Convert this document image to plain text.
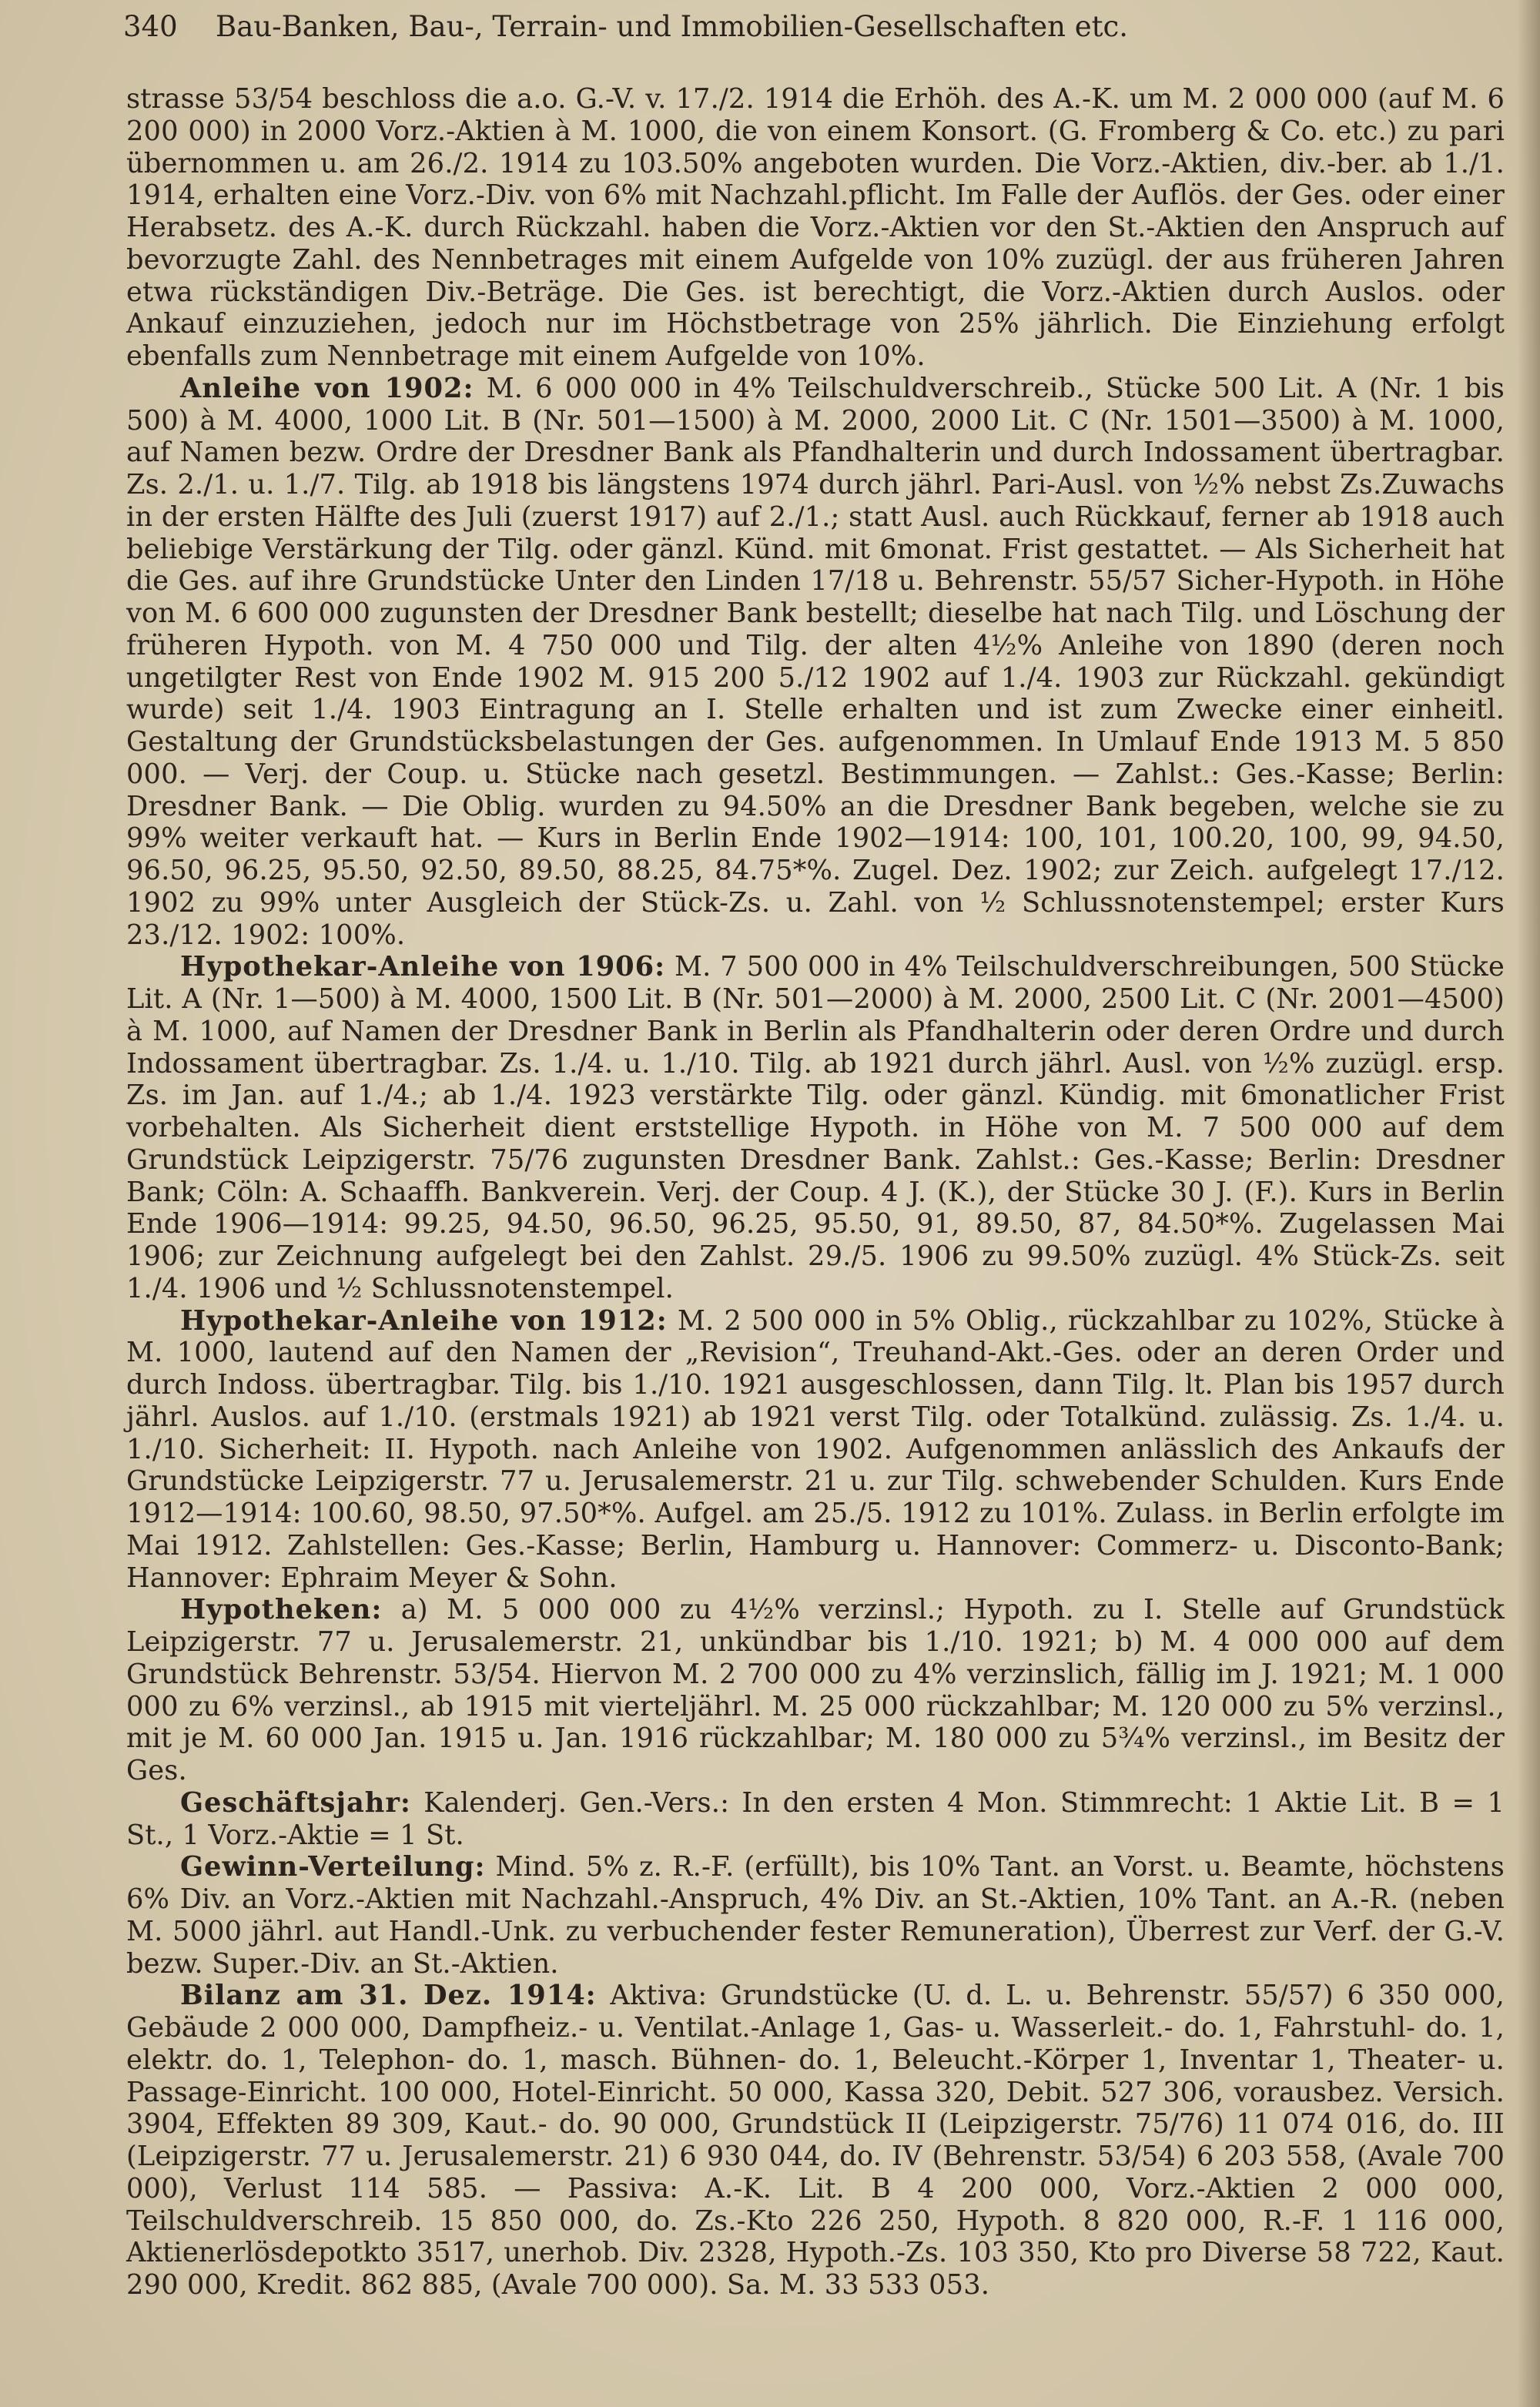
340 Bau-Banken, Bau-, Terrain- und Immobilien-Gesellschaften etc.

strasse 53/54 beschloss die a.o. G.-V. v. 17./2. 1914 die Erhöh. des A.-K. um M. 2 000 000 (auf M. 6 200 000) in 2000 Vorz.-Aktien à M. 1000, die von einem Konsort. (G. Fromberg & Co. etc.) zu pari übernommen u. am 26./2. 1914 zu 103.50% angeboten wurden. Die Vorz.-Aktien, div.-ber. ab 1./1. 1914, erhalten eine Vorz.-Div. von 6% mit Nachzahl.pflicht. Im Falle der Auflös. der Ges. oder einer Herabsetz. des A.-K. durch Rückzahl. haben die Vorz.-Aktien vor den St.-Aktien den Anspruch auf bevorzugte Zahl. des Nennbetrages mit einem Aufgelde von 10% zuzügl. der aus früheren Jahren etwa rückständigen Div.-Beträge. Die Ges. ist berechtigt, die Vorz.-Aktien durch Auslos. oder Ankauf einzuziehen, jedoch nur im Höchstbetrage von 25% jährlich. Die Einziehung erfolgt ebenfalls zum Nennbetrage mit einem Aufgelde von 10%.

Anleihe von 1902: M. 6 000 000 in 4% Teilschuldverschreib., Stücke 500 Lit. A (Nr. 1 bis 500) à M. 4000, 1000 Lit. B (Nr. 501—1500) à M. 2000, 2000 Lit. C (Nr. 1501—3500) à M. 1000, auf Namen bezw. Ordre der Dresdner Bank als Pfandhalterin und durch Indossament übertragbar. Zs. 2./1. u. 1./7. Tilg. ab 1918 bis längstens 1974 durch jährl. Pari-Ausl. von ½% nebst Zs.Zuwachs in der ersten Hälfte des Juli (zuerst 1917) auf 2./1.; statt Ausl. auch Rückkauf, ferner ab 1918 auch beliebige Verstärkung der Tilg. oder gänzl. Künd. mit 6monat. Frist gestattet. — Als Sicherheit hat die Ges. auf ihre Grundstücke Unter den Linden 17/18 u. Behrenstr. 55/57 Sicher-Hypoth. in Höhe von M. 6 600 000 zugunsten der Dresdner Bank bestellt; dieselbe hat nach Tilg. und Löschung der früheren Hypoth. von M. 4 750 000 und Tilg. der alten 4½% Anleihe von 1890 (deren noch ungetilgter Rest von Ende 1902 M. 915 200 5./12 1902 auf 1./4. 1903 zur Rückzahl. gekündigt wurde) seit 1./4. 1903 Eintragung an I. Stelle erhalten und ist zum Zwecke einer einheitl. Gestaltung der Grundstücksbelastungen der Ges. aufgenommen. In Umlauf Ende 1913 M. 5 850 000. — Verj. der Coup. u. Stücke nach gesetzl. Bestimmungen. — Zahlst.: Ges.-Kasse; Berlin: Dresdner Bank. — Die Oblig. wurden zu 94.50% an die Dresdner Bank begeben, welche sie zu 99% weiter verkauft hat. — Kurs in Berlin Ende 1902—1914: 100, 101, 100.20, 100, 99, 94.50, 96.50, 96.25, 95.50, 92.50, 89.50, 88.25, 84.75*%. Zugel. Dez. 1902; zur Zeich. aufgelegt 17./12. 1902 zu 99% unter Ausgleich der Stück-Zs. u. Zahl. von ½ Schlussnotenstempel; erster Kurs 23./12. 1902: 100%.

Hypothekar-Anleihe von 1906: M. 7 500 000 in 4% Teilschuldverschreibungen, 500 Stücke Lit. A (Nr. 1—500) à M. 4000, 1500 Lit. B (Nr. 501—2000) à M. 2000, 2500 Lit. C (Nr. 2001—4500) à M. 1000, auf Namen der Dresdner Bank in Berlin als Pfandhalterin oder deren Ordre und durch Indossament übertragbar. Zs. 1./4. u. 1./10. Tilg. ab 1921 durch jährl. Ausl. von ½% zuzügl. ersp. Zs. im Jan. auf 1./4.; ab 1./4. 1923 verstärkte Tilg. oder gänzl. Kündig. mit 6monatlicher Frist vorbehalten. Als Sicherheit dient erststellige Hypoth. in Höhe von M. 7 500 000 auf dem Grundstück Leipzigerstr. 75/76 zugunsten Dresdner Bank. Zahlst.: Ges.-Kasse; Berlin: Dresdner Bank; Cöln: A. Schaaffh. Bankverein. Verj. der Coup. 4 J. (K.), der Stücke 30 J. (F.). Kurs in Berlin Ende 1906—1914: 99.25, 94.50, 96.50, 96.25, 95.50, 91, 89.50, 87, 84.50*%. Zugelassen Mai 1906; zur Zeichnung aufgelegt bei den Zahlst. 29./5. 1906 zu 99.50% zuzügl. 4% Stück-Zs. seit 1./4. 1906 und ½ Schlussnotenstempel.

Hypothekar-Anleihe von 1912: M. 2 500 000 in 5% Oblig., rückzahlbar zu 102%, Stücke à M. 1000, lautend auf den Namen der „Revision“, Treuhand-Akt.-Ges. oder an deren Order und durch Indoss. übertragbar. Tilg. bis 1./10. 1921 ausgeschlossen, dann Tilg. lt. Plan bis 1957 durch jährl. Auslos. auf 1./10. (erstmals 1921) ab 1921 verst Tilg. oder Totalkünd. zulässig. Zs. 1./4. u. 1./10. Sicherheit: II. Hypoth. nach Anleihe von 1902. Aufgenommen anlässlich des Ankaufs der Grundstücke Leipzigerstr. 77 u. Jerusalemerstr. 21 u. zur Tilg. schwebender Schulden. Kurs Ende 1912—1914: 100.60, 98.50, 97.50*%. Aufgel. am 25./5. 1912 zu 101%. Zulass. in Berlin erfolgte im Mai 1912. Zahlstellen: Ges.-Kasse; Berlin, Hamburg u. Hannover: Commerz- u. Disconto-Bank; Hannover: Ephraim Meyer & Sohn.

Hypotheken: a) M. 5 000 000 zu 4½% verzinsl.; Hypoth. zu I. Stelle auf Grundstück Leipzigerstr. 77 u. Jerusalemerstr. 21, unkündbar bis 1./10. 1921; b) M. 4 000 000 auf dem Grundstück Behrenstr. 53/54. Hiervon M. 2 700 000 zu 4% verzinslich, fällig im J. 1921; M. 1 000 000 zu 6% verzinsl., ab 1915 mit vierteljährl. M. 25 000 rückzahlbar; M. 120 000 zu 5% verzinsl., mit je M. 60 000 Jan. 1915 u. Jan. 1916 rückzahlbar; M. 180 000 zu 5¾% verzinsl., im Besitz der Ges.

Geschäftsjahr: Kalenderj. Gen.-Vers.: In den ersten 4 Mon. Stimmrecht: 1 Aktie Lit. B = 1 St., 1 Vorz.-Aktie = 1 St.

Gewinn-Verteilung: Mind. 5% z. R.-F. (erfüllt), bis 10% Tant. an Vorst. u. Beamte, höchstens 6% Div. an Vorz.-Aktien mit Nachzahl.-Anspruch, 4% Div. an St.-Aktien, 10% Tant. an A.-R. (neben M. 5000 jährl. aut Handl.-Unk. zu verbuchender fester Remuneration), Überrest zur Verf. der G.-V. bezw. Super.-Div. an St.-Aktien.

Bilanz am 31. Dez. 1914: Aktiva: Grundstücke (U. d. L. u. Behrenstr. 55/57) 6 350 000, Gebäude 2 000 000, Dampfheiz.- u. Ventilat.-Anlage 1, Gas- u. Wasserleit.- do. 1, Fahrstuhl- do. 1, elektr. do. 1, Telephon- do. 1, masch. Bühnen- do. 1, Beleucht.-Körper 1, Inventar 1, Theater- u. Passage-Einricht. 100 000, Hotel-Einricht. 50 000, Kassa 320, Debit. 527 306, vorausbez. Versich. 3904, Effekten 89 309, Kaut.- do. 90 000, Grundstück II (Leipzigerstr. 75/76) 11 074 016, do. III (Leipzigerstr. 77 u. Jerusalemerstr. 21) 6 930 044, do. IV (Behrenstr. 53/54) 6 203 558, (Avale 700 000), Verlust 114 585. — Passiva: A.-K. Lit. B 4 200 000, Vorz.-Aktien 2 000 000, Teilschuldverschreib. 15 850 000, do. Zs.-Kto 226 250, Hypoth. 8 820 000, R.-F. 1 116 000, Aktienerlösdepotkto 3517, unerhob. Div. 2328, Hypoth.-Zs. 103 350, Kto pro Diverse 58 722, Kaut. 290 000, Kredit. 862 885, (Avale 700 000). Sa. M. 33 533 053.
